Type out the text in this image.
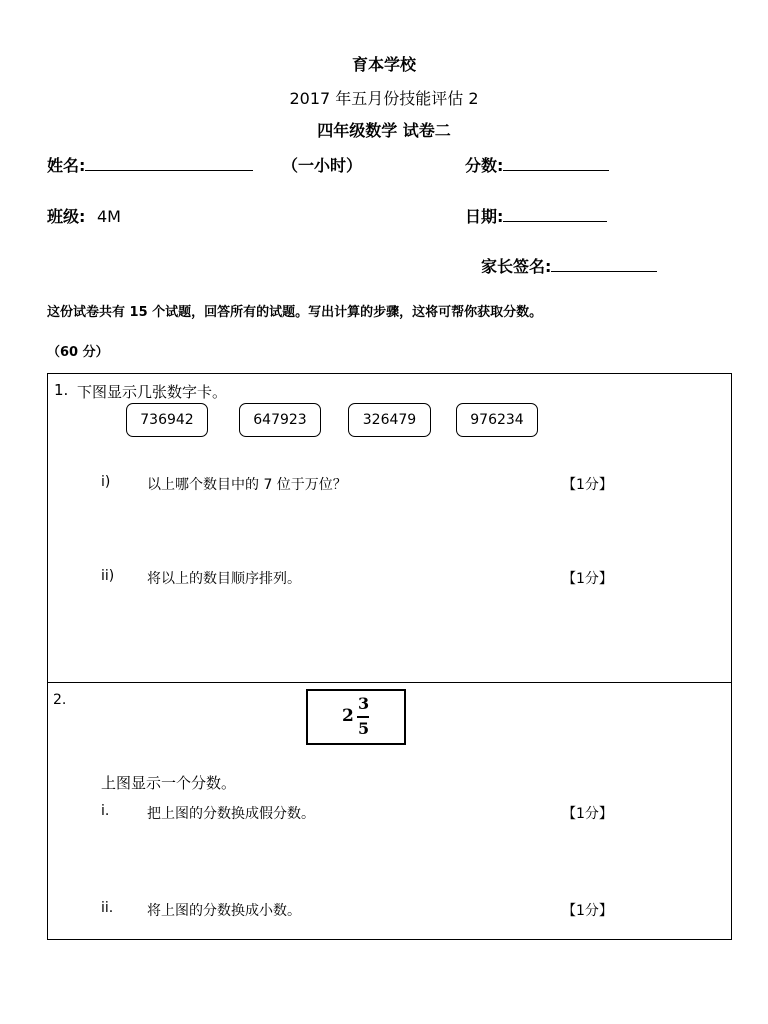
育本学校
2017 年五月份技能评估 2
四年级数学 试卷二
姓名:	（一小时）	分数:
班级: 4M	日期:
家长签名:
这份试卷共有 15 个试题，回答所有的试题。写出计算的步骤，这将可帮你获取分数。
（60 分）
1. 下图显示几张数字卡。
736942	647923	326479	976234
i)	以上哪个数目中的 7 位于万位？	【1分】
ii) 将以上的数目顺序排列。	【1分】
2.
2
3
5
上图显示一个分数。
i.	把上图的分数换成假分数。	【1分】
ii. 将上图的分数换成小数。	【1分】
